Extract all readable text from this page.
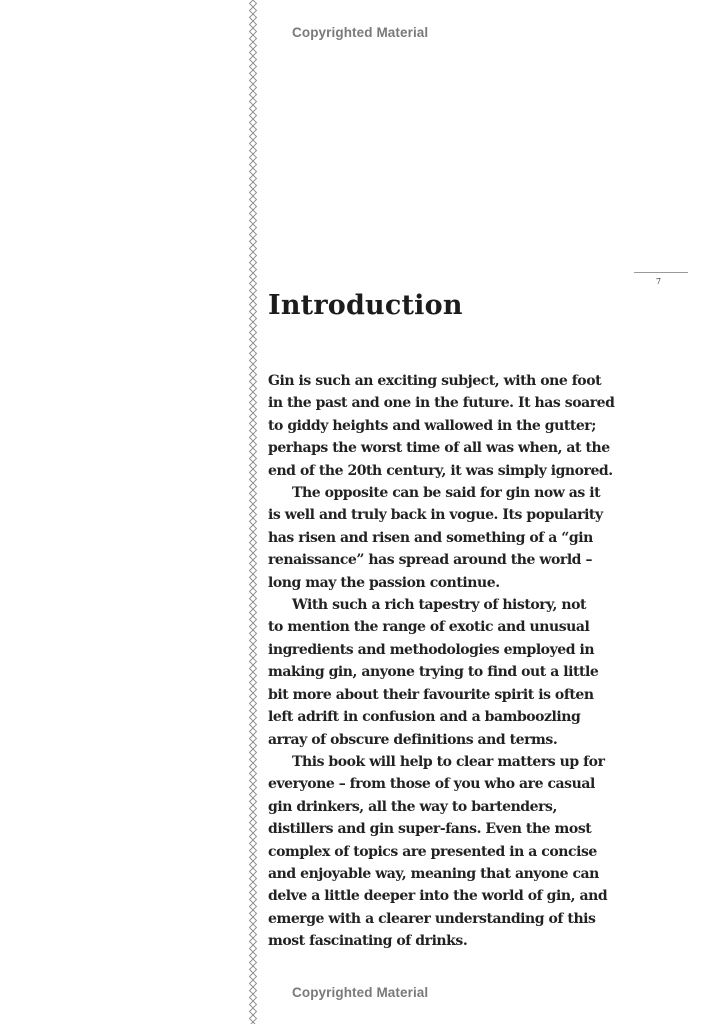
Copyrighted Material
7
Introduction
Gin is such an exciting subject, with one foot
in the past and one in the future. It has soared
to giddy heights and wallowed in the gutter;
perhaps the worst time of all was when, at the
end of the 20th century, it was simply ignored.
The opposite can be said for gin now as it
is well and truly back in vogue. Its popularity
has risen and risen and something of a “gin
renaissance” has spread around the world –
long may the passion continue.
With such a rich tapestry of history, not
to mention the range of exotic and unusual
ingredients and methodologies employed in
making gin, anyone trying to find out a little
bit more about their favourite spirit is often
left adrift in confusion and a bamboozling
array of obscure definitions and terms.
This book will help to clear matters up for
everyone – from those of you who are casual
gin drinkers, all the way to bartenders,
distillers and gin super-fans. Even the most
complex of topics are presented in a concise
and enjoyable way, meaning that anyone can
delve a little deeper into the world of gin, and
emerge with a clearer understanding of this
most fascinating of drinks.
Copyrighted Material
